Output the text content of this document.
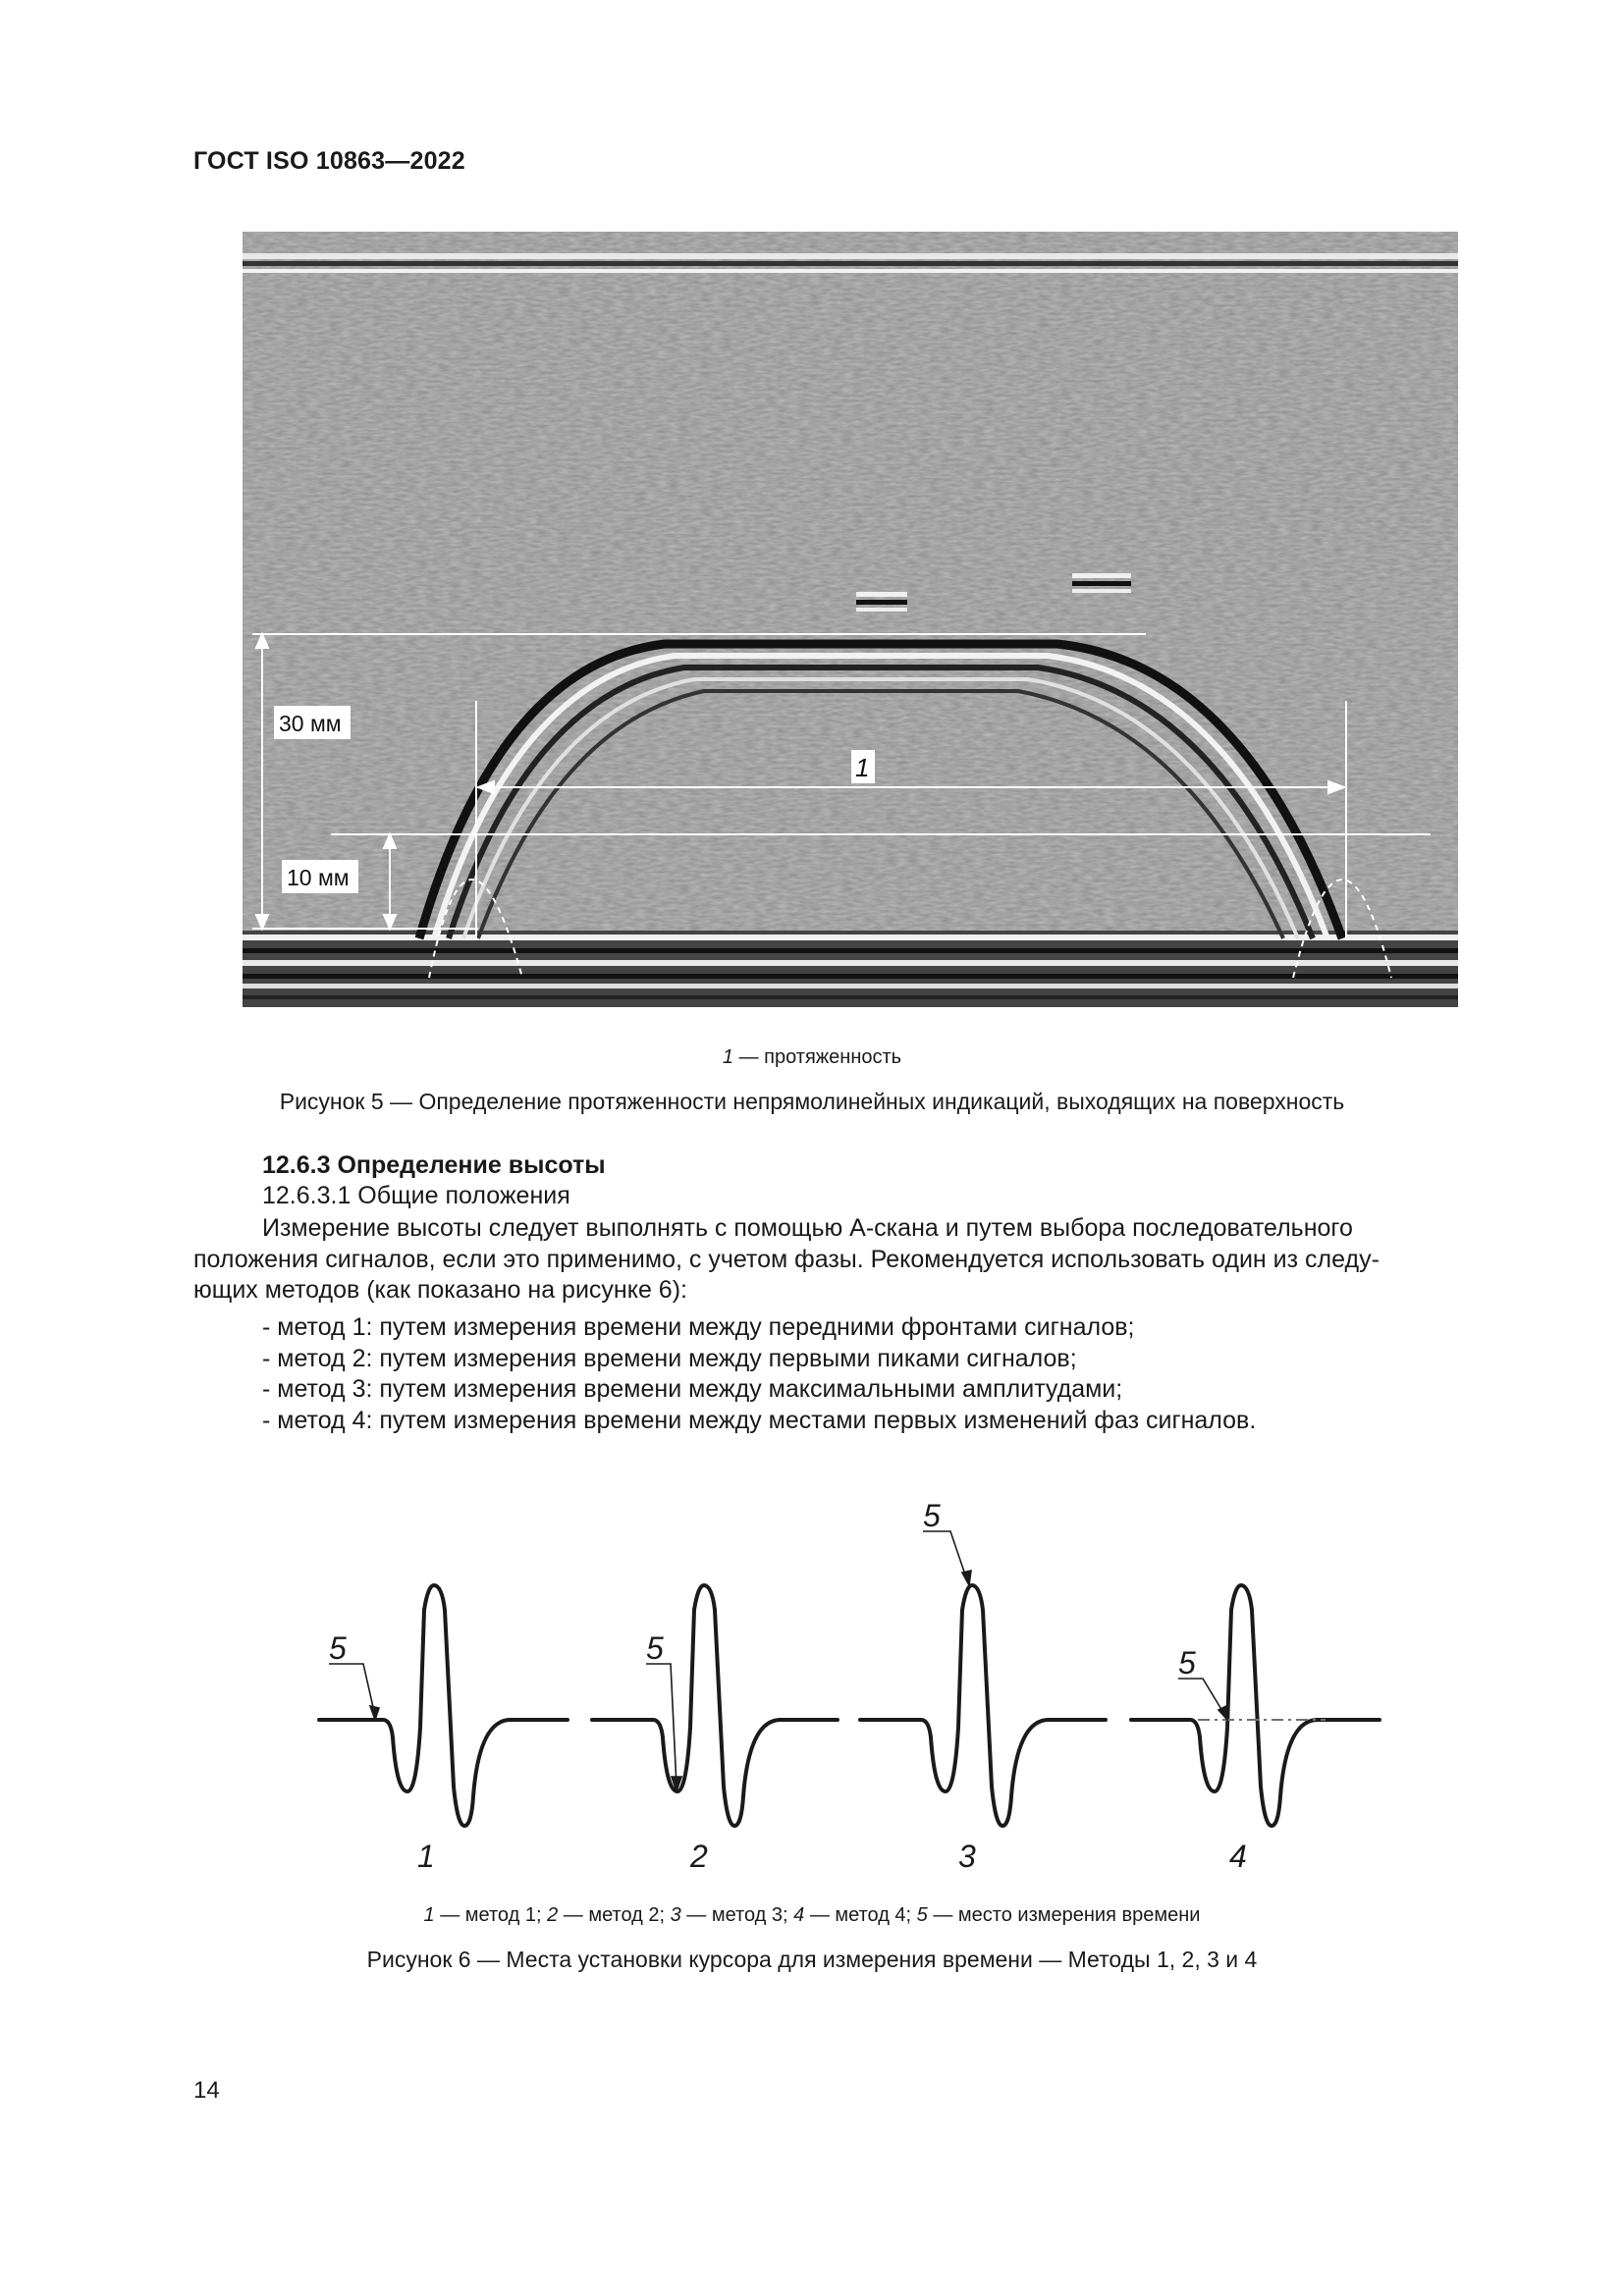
ГОСТ ISO 10863—2022
30 мм
10 мм
1
1 — протяженность
Рисунок 5 — Определение протяженности непрямолинейных индикаций, выходящих на поверхность
12.6.3 Определение высоты
12.6.3.1 Общие положения
Измерение высоты следует выполнять с помощью А-скана и путем выбора последовательного
положения сигналов, если это применимо, с учетом фазы. Рекомендуется использовать один из следу-
ющих методов (как показано на рисунке 6):
- метод 1: путем измерения времени между передними фронтами сигналов;
- метод 2: путем измерения времени между первыми пиками сигналов;
- метод 3: путем измерения времени между максимальными амплитудами;
- метод 4: путем измерения времени между местами первых изменений фаз сигналов.
5	5
5
5
1	2	3	4
1 — метод 1; 2 — метод 2; 3 — метод 3; 4 — метод 4; 5 — место измерения времени
Рисунок 6 — Места установки курсора для измерения времени — Методы 1, 2, 3 и 4
14
